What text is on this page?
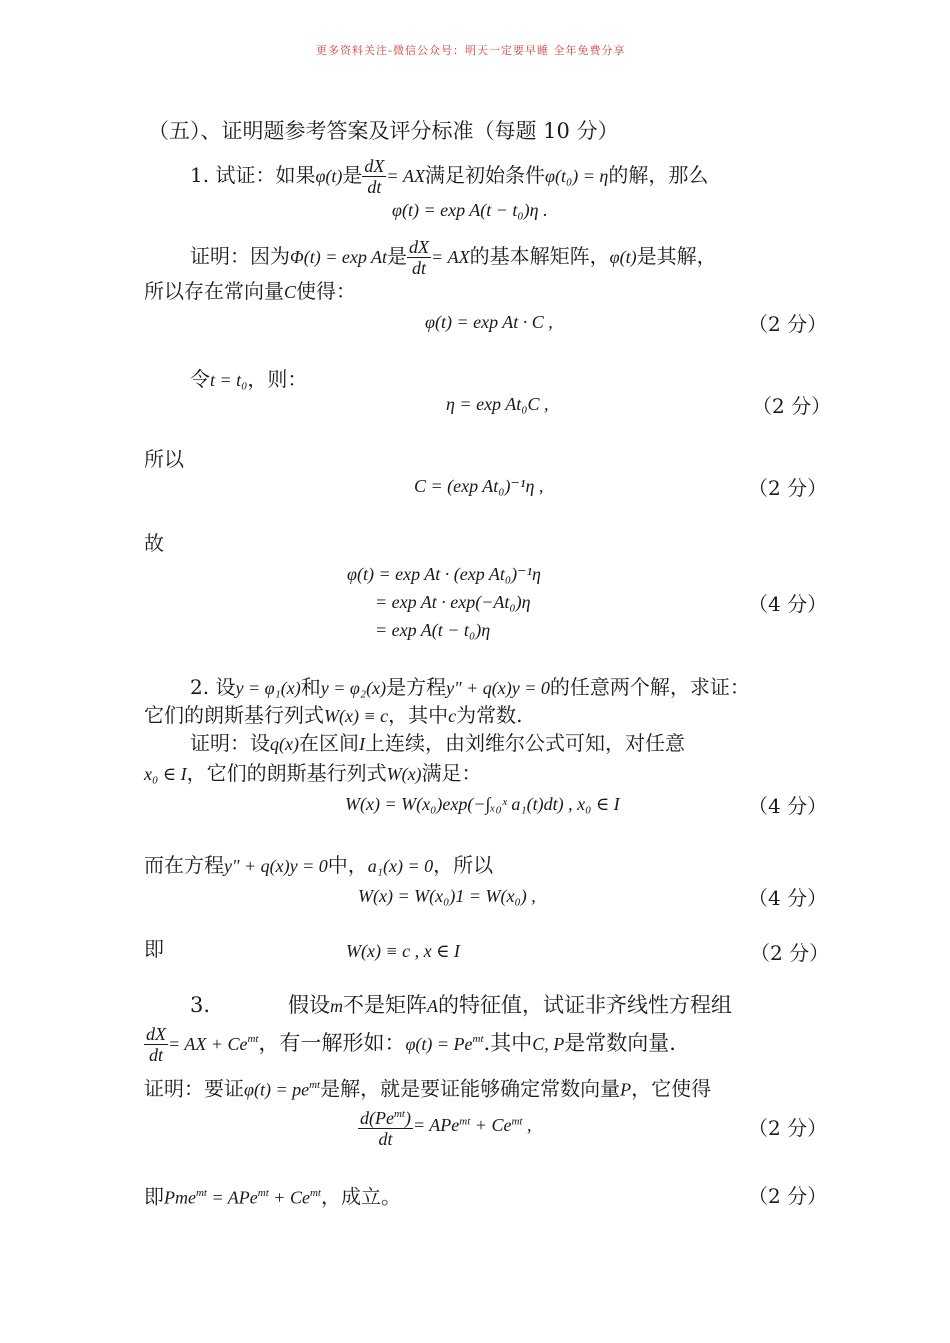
更多资料关注-微信公众号：明天一定要早睡 全年免费分享
（五）、证明题参考答案及评分标准（每题 10 分）
1. 试证：如果φ(t)是 $\frac{dX}{dt}$ = AX满足初始条件φ(t₀) = η的解，那么
φ(t) = exp A(t − t₀)η .
证明：因为Φ(t) = exp At是 $\frac{dX}{dt}$ = AX的基本解矩阵，φ(t)是其解，
所以存在常向量C使得：
φ(t) = exp At · C ,	（2 分）
令t = t₀，则：
η = exp At₀C ,	（2 分）
所以
C = (exp At₀)⁻¹η ,	（2 分）
故
φ(t) = exp At · (exp At₀)⁻¹η
= exp At · exp(−At₀)η
= exp A(t − t₀)η
（4 分）
2. 设y = φ₁(x)和y = φ₂(x)是方程y″ + q(x)y = 0的任意两个解，求证：
它们的朗斯基行列式W(x) ≡ c，其中c为常数.
证明：设q(x)在区间I上连续，由刘维尔公式可知，对任意
x₀ ∈ I，它们的朗斯基行列式W(x)满足：
W(x) = W(x₀)exp(−∫ₓ₀ˣ a₁(t)dt) , x₀ ∈ I	（4 分）
而在方程y″ + q(x)y = 0中，a₁(x) = 0，所以
W(x) = W(x₀)1 = W(x₀) ,	（4 分）
即	W(x) ≡ c , x ∈ I	（2 分）
3.	假设m不是矩阵A的特征值，试证非齐线性方程组
$\frac{dX}{dt}$ = AX + $Ce^{mt}$，有一解形如：$\varphi(t) = Pe^{mt}$.其中C, P是常数向量.
证明：要证$\varphi(t) = pe^{mt}$是解，就是要证能够确定常数向量P，它使得
$\frac{d(Pe^{mt})}{dt} = APe^{mt} + Ce^{mt}$ ,	（2 分）
即$Pme^{mt} = APe^{mt} + Ce^{mt}$，成立。	（2 分）
